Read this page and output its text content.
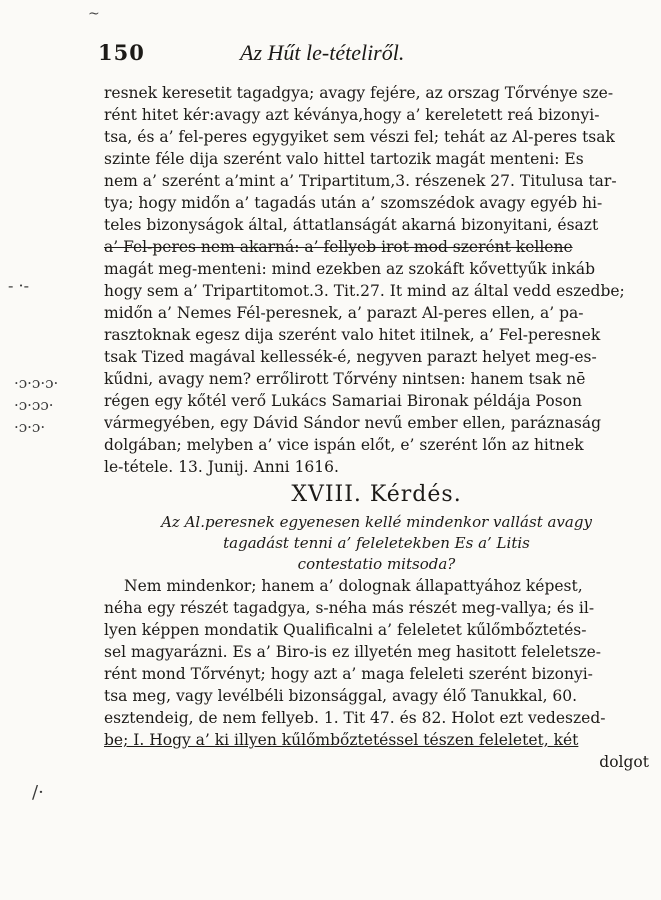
~
150	Az Hűt le-tételiről.
- ·-
·ɔ·ɔ·ɔ·
·ɔ·ɔɔ·
·ɔ·ɔ·
/·
resnek keresetit tagadgya; avagy fejére, az orszag Tőrvénye sze-
rént hitet kér:avagy azt kéványa,hogy a’ kereletett reá bizonyi-
tsa, és a’ fel-peres egygyiket sem vészi fel; tehát az Al-peres tsak
szinte féle dija szerént valo hittel tartozik magát menteni: Es
nem a’ szerént a’mint a’ Tripartitum,3. részenek 27. Titulusa tar-
tya; hogy midőn a’ tagadás után a’ szomszédok avagy egyéb hi-
teles bizonyságok által, áttatlanságát akarná bizonyitani, ésazt
a’ Fel-peres nem akarná: a’ fellyeb irot mod szerént kellene
magát meg-menteni: mind ezekben az szokáft kővettyűk inkáb
hogy sem a’ Tripartitomot.3. Tit.27. It mind az által vedd eszedbe;
midőn a’ Nemes Fél-peresnek, a’ parazt Al-peres ellen, a’ pa-
rasztoknak egesz dija szerént valo hitet itilnek, a’ Fel-peresnek
tsak Tized magával kellessék-é, negyven parazt helyet meg-es-
kűdni, avagy nem? errőlirott Tőrvény nintsen: hanem tsak nē
régen egy kőtél verő Lukács Samariai Bironak példája Poson
vármegyében, egy Dávid Sándor nevű ember ellen, paráznaság
dolgában; melyben a’ vice ispán előt, e’ szerént lőn az hitnek
le-tétele. 13. Junij. Anni 1616.
XVIII. Kérdés.
Az Al.peresnek egyenesen kellé mindenkor vallást avagy
tagadást tenni a’ feleletekben Es a’ Litis
contestatio mitsoda?
Nem mindenkor; hanem a’ dolognak állapattyához képest,
néha egy részét tagadgya, s-néha más részét meg-vallya; és il-
lyen képpen mondatik Qualificalni a’ feleletet kűlőmbőztetés-
sel magyarázni. Es a’ Biro-is ez illyetén meg hasitott feleletsze-
rént mond Tőrvényt; hogy azt a’ maga feleleti szerént bizonyi-
tsa meg, vagy levélbéli bizonsággal, avagy élő Tanukkal, 60.
esztendeig, de nem fellyeb. 1. Tit 47. és 82. Holot ezt vedeszed-
be; I. Hogy a’ ki illyen kűlőmbőztetéssel tészen feleletet, két
dolgot
